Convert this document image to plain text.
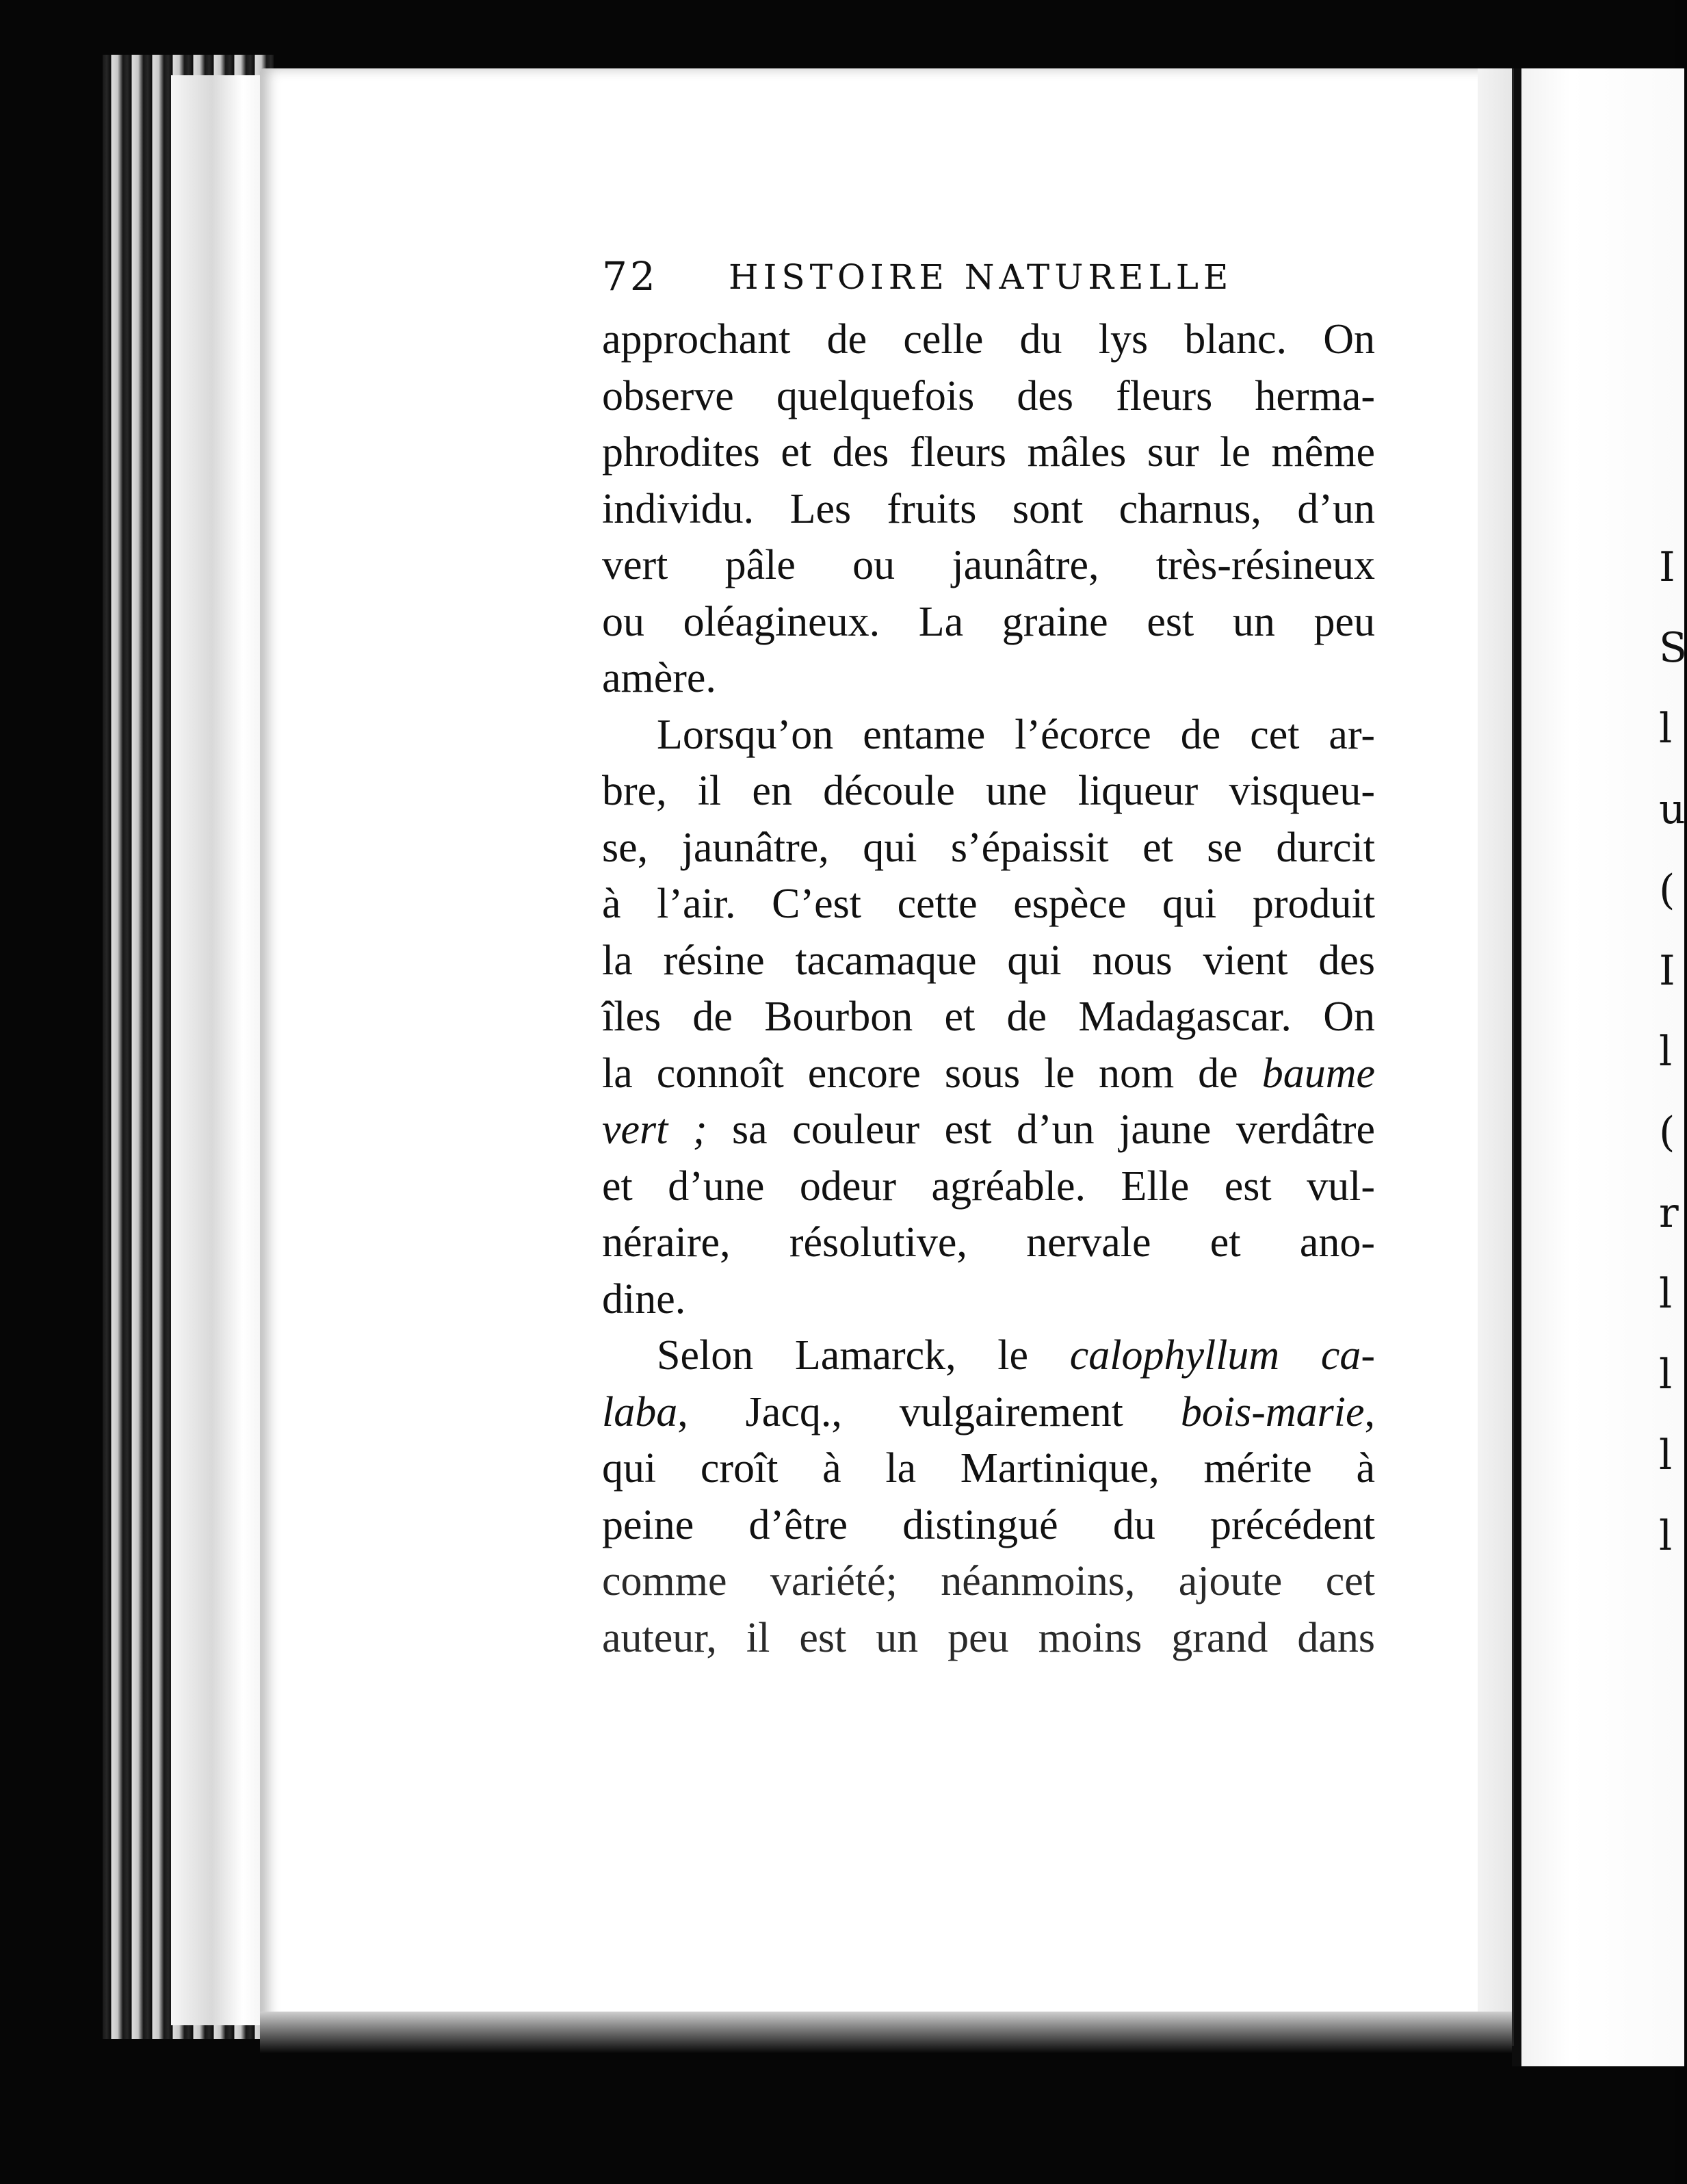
72 HISTOIRE NATURELLE
approchant de celle du lys blanc. On
observe quelquefois des fleurs herma-
phrodites et des fleurs mâles sur le même
individu. Les fruits sont charnus, d’un
vert pâle ou jaunâtre, très-résineux
ou oléagineux. La graine est un peu
amère.
Lorsqu’on entame l’écorce de cet ar-
bre, il en découle une liqueur visqueu-
se, jaunâtre, qui s’épaissit et se durcit
à l’air. C’est cette espèce qui produit
la résine tacamaque qui nous vient des
îles de Bourbon et de Madagascar. On
la connoît encore sous le nom de baume
vert ; sa couleur est d’un jaune verdâtre
et d’une odeur agréable. Elle est vul-
néraire, résolutive, nervale et ano-
dine.
Selon Lamarck, le calophyllum ca-
laba, Jacq., vulgairement bois-marie,
qui croît à la Martinique, mérite à
peine d’être distingué du précédent
comme variété; néanmoins, ajoute cet
auteur, il est un peu moins grand dans
I
S
l
u
(
I
l
(
r
l
l
l
l
